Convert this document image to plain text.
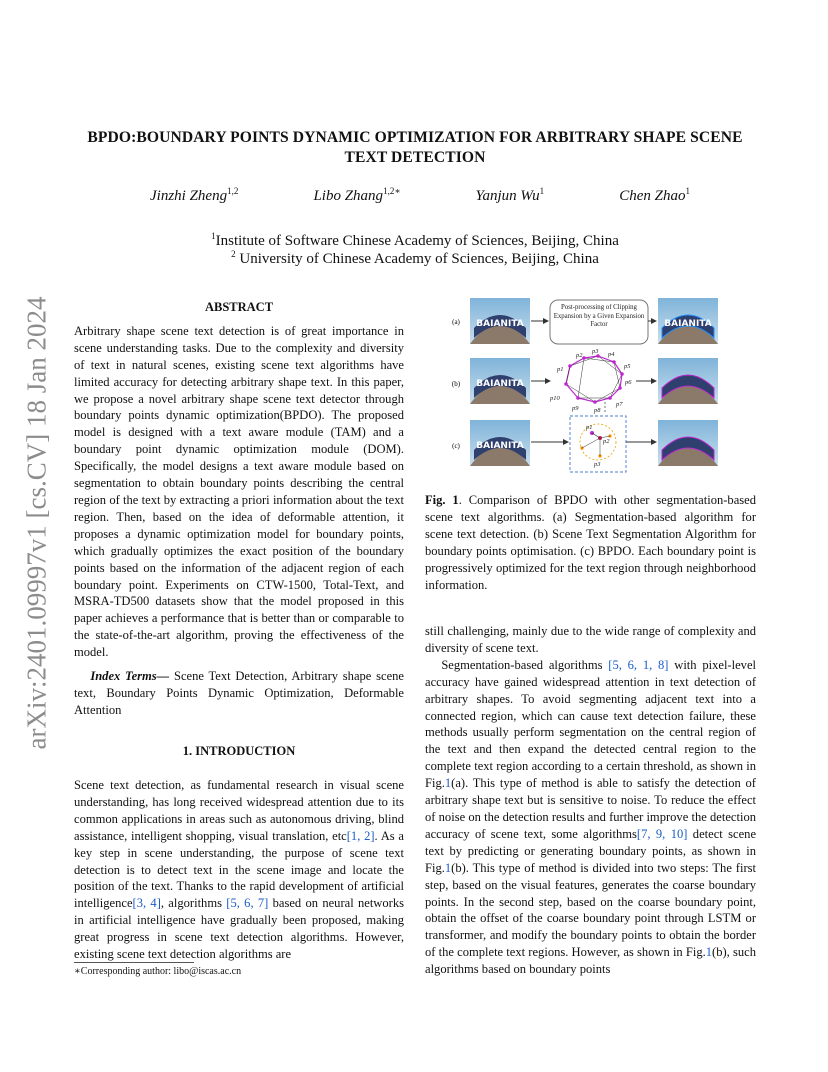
arXiv:2401.09997v1 [cs.CV] 18 Jan 2024
BPDO:BOUNDARY POINTS DYNAMIC OPTIMIZATION FOR ARBITRARY SHAPE SCENE
TEXT DETECTION
Jinzhi Zheng$^{1,2}$	Libo Zhang$^{1,2∗}$	Yanjun Wu$^1$	Chen Zhao$^1$
$^1$Institute of Software Chinese Academy of Sciences, Beijing, China
$^2$ University of Chinese Academy of Sciences, Beijing, China
ABSTRACT

Arbitrary shape scene text detection is of great importance in scene understanding tasks. Due to the complexity and diversity of text in natural scenes, existing scene text algorithms have limited accuracy for detecting arbitrary shape text. In this paper, we propose a novel arbitrary shape scene text detector through boundary points dynamic optimization(BPDO). The proposed model is designed with a text aware module (TAM) and a boundary point dynamic optimization module (DOM). Specifically, the model designs a text aware module based on segmentation to obtain boundary points describing the central region of the text by extracting a priori information about the text region. Then, based on the idea of deformable attention, it proposes a dynamic optimization model for boundary points, which gradually optimizes the exact position of the boundary points based on the information of the adjacent region of each boundary point. Experiments on CTW-1500, Total-Text, and MSRA-TD500 datasets show that the model proposed in this paper achieves a performance that is better than or comparable to the state-of-the-art algorithm, proving the effectiveness of the model.

Index Terms— Scene Text Detection, Arbitrary shape scene text, Boundary Points Dynamic Optimization, Deformable Attention

1. INTRODUCTION

Scene text detection, as fundamental research in visual scene understanding, has long received widespread attention due to its common applications in areas such as autonomous driving, blind assistance, intelligent shopping, visual translation, etc[1, 2]. As a key step in scene understanding, the purpose of scene text detection is to detect text in the scene image and locate the position of the text. Thanks to the rapid development of artificial intelligence[3, 4], algorithms [5, 6, 7] based on neural networks in artificial intelligence have gradually been proposed, making great progress in scene text detection algorithms. However, existing scene text detection algorithms are

∗Corresponding author: libo@iscas.ac.cn
BAIANITA	BAIANITA
BAIANITA
BAIANITA
(a)
(b)
(c)
Post-processing of Clipping Expansion by a Given Expansion Factor
p2
p3 p4
p5
p1
p6
p10
p7
p9 p8
p1
p2
p3

Fig. 1. Comparison of BPDO with other segmentation-based scene text algorithms. (a) Segmentation-based algorithm for scene text detection. (b) Scene Text Segmentation Algorithm for boundary points optimisation. (c) BPDO. Each boundary point is progressively optimized for the text region through neighborhood information.

still challenging, mainly due to the wide range of complexity and diversity of scene text.

Segmentation-based algorithms [5, 6, 1, 8] with pixel-level accuracy have gained widespread attention in text detection of arbitrary shapes. To avoid segmenting adjacent text into a connected region, which can cause text detection failure, these methods usually perform segmentation on the central region of the text and then expand the detected central region to the complete text region according to a certain threshold, as shown in Fig.1(a). This type of method is able to satisfy the detection of arbitrary shape text but is sensitive to noise. To reduce the effect of noise on the detection results and further improve the detection accuracy of scene text, some algorithms[7, 9, 10] detect scene text by predicting or generating boundary points, as shown in Fig.1(b). This type of method is divided into two steps: The first step, based on the visual features, generates the coarse boundary points. In the second step, based on the coarse boundary point, obtain the offset of the coarse boundary point through LSTM or transformer, and modify the boundary points to obtain the border of the complete text regions. However, as shown in Fig.1(b), such algorithms based on boundary points
